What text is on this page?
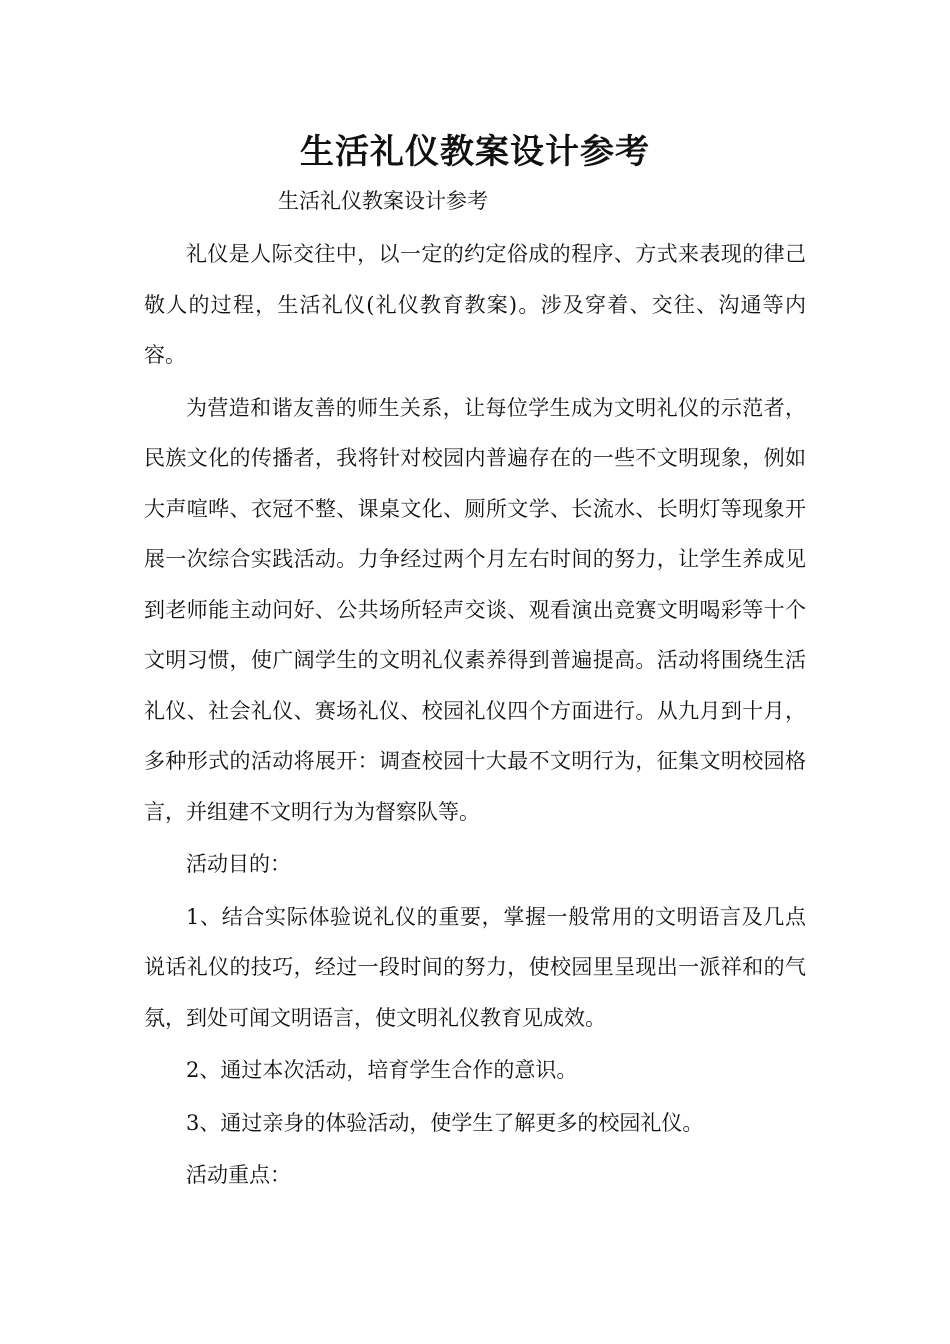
生活礼仪教案设计参考
生活礼仪教案设计参考

礼仪是人际交往中，以一定的约定俗成的程序、方式来表现的律己敬人的过程，生活礼仪(礼仪教育教案)。涉及穿着、交往、沟通等内容。

为营造和谐友善的师生关系，让每位学生成为文明礼仪的示范者，民族文化的传播者，我将针对校园内普遍存在的一些不文明现象，例如大声喧哗、衣冠不整、课桌文化、厕所文学、长流水、长明灯等现象开展一次综合实践活动。力争经过两个月左右时间的努力，让学生养成见到老师能主动问好、公共场所轻声交谈、观看演出竞赛文明喝彩等十个文明习惯，使广阔学生的文明礼仪素养得到普遍提高。活动将围绕生活礼仪、社会礼仪、赛场礼仪、校园礼仪四个方面进行。从九月到十月，多种形式的活动将展开：调查校园十大最不文明行为，征集文明校园格言，并组建不文明行为为督察队等。

活动目的：

1、结合实际体验说礼仪的重要，掌握一般常用的文明语言及几点说话礼仪的技巧，经过一段时间的努力，使校园里呈现出一派祥和的气氛，到处可闻文明语言，使文明礼仪教育见成效。

2、通过本次活动，培育学生合作的意识。

3、通过亲身的体验活动，使学生了解更多的校园礼仪。

活动重点：
